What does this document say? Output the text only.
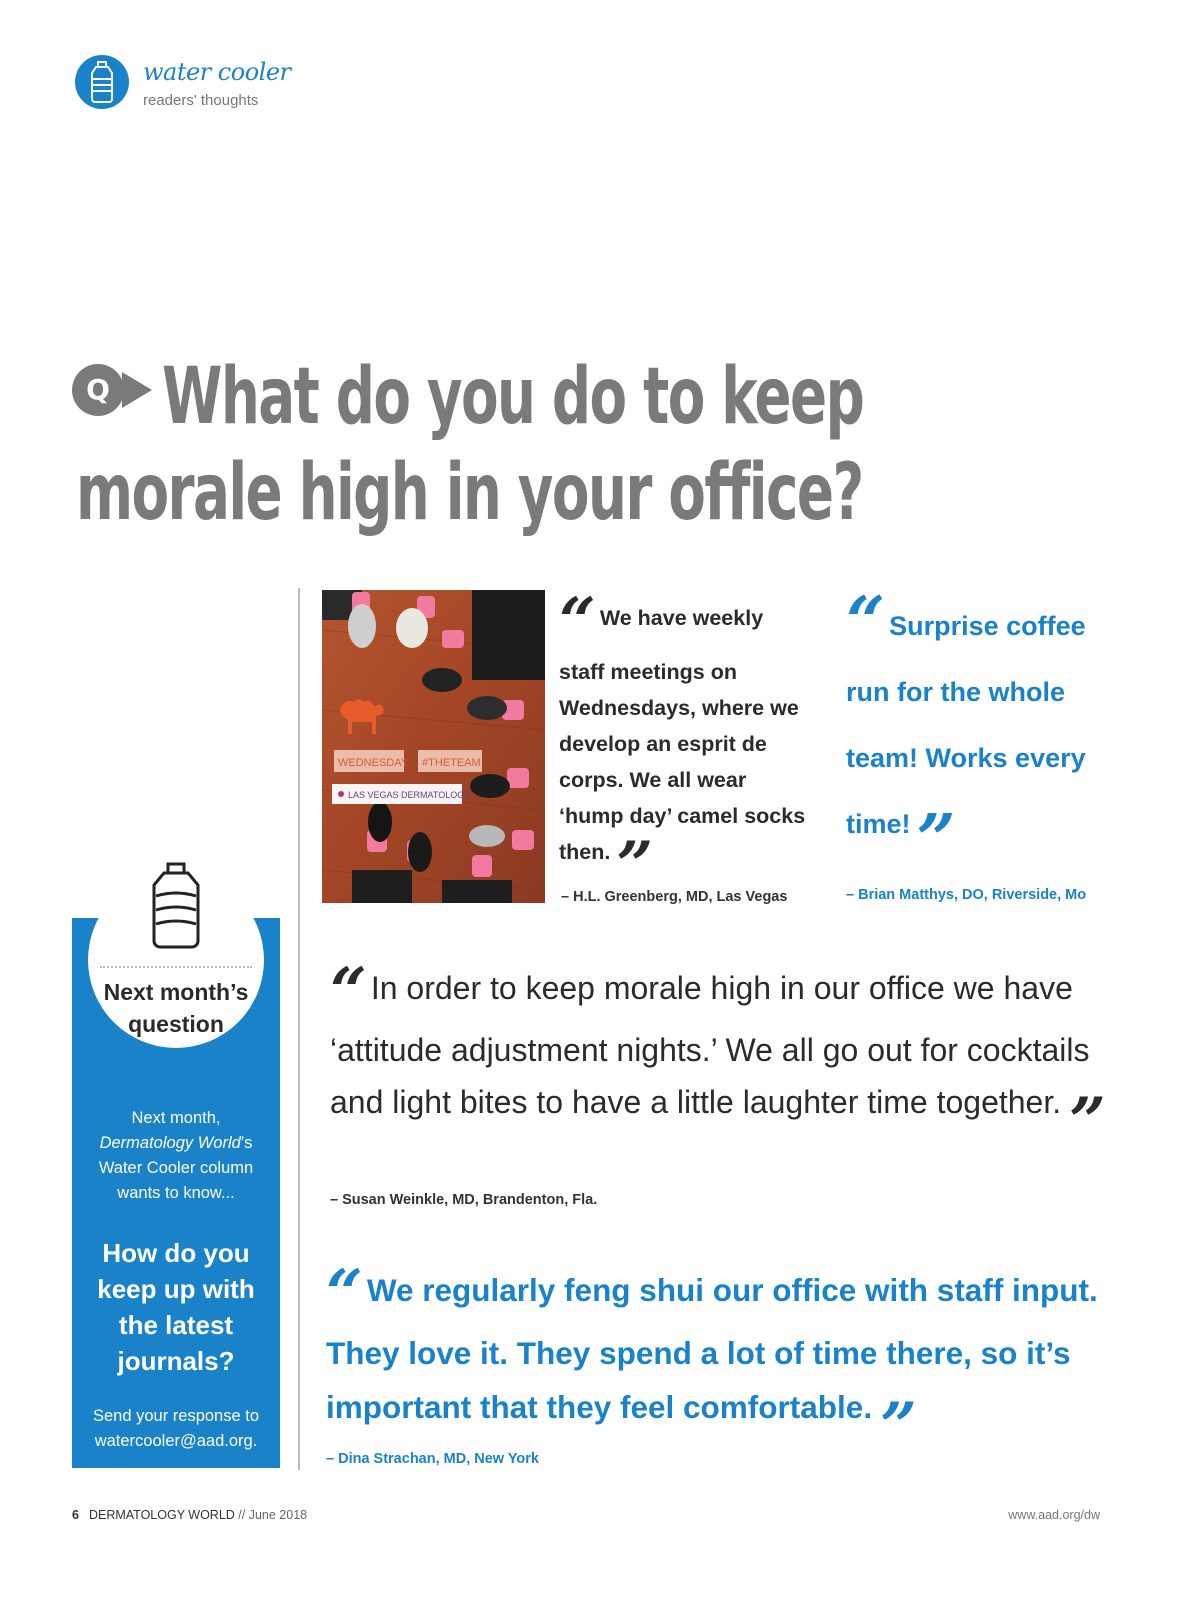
water cooler
readers' thoughts
Q What do you do to keep
morale high in your office?
WEDNESDAY #THETEAM
LAS VEGAS DERMATOLOGY
“ We have weekly staff meetings on Wednesdays, where we develop an esprit de corps. We all wear ‘hump day’ camel socks then.”
– H.L. Greenberg, MD, Las Vegas
“ Surprise coffee run for the whole team! Works every time!”
– Brian Matthys, DO, Riverside, Mo
“ In order to keep morale high in our office we have ‘attitude adjustment nights.’ We all go out for cocktails and light bites to have a little laughter time together. ”
– Susan Weinkle, MD, Brandenton, Fla.
“ We regularly feng shui our office with staff input. They love it. They spend a lot of time there, so it’s important that they feel comfortable. ”
– Dina Strachan, MD, New York
Next month’s question
Next month,
Dermatology World’s Water Cooler column wants to know...
How do you keep up with the latest journals?
Send your response to watercooler@aad.org.
6 DERMATOLOGY WORLD // June 2018	www.aad.org/dw
